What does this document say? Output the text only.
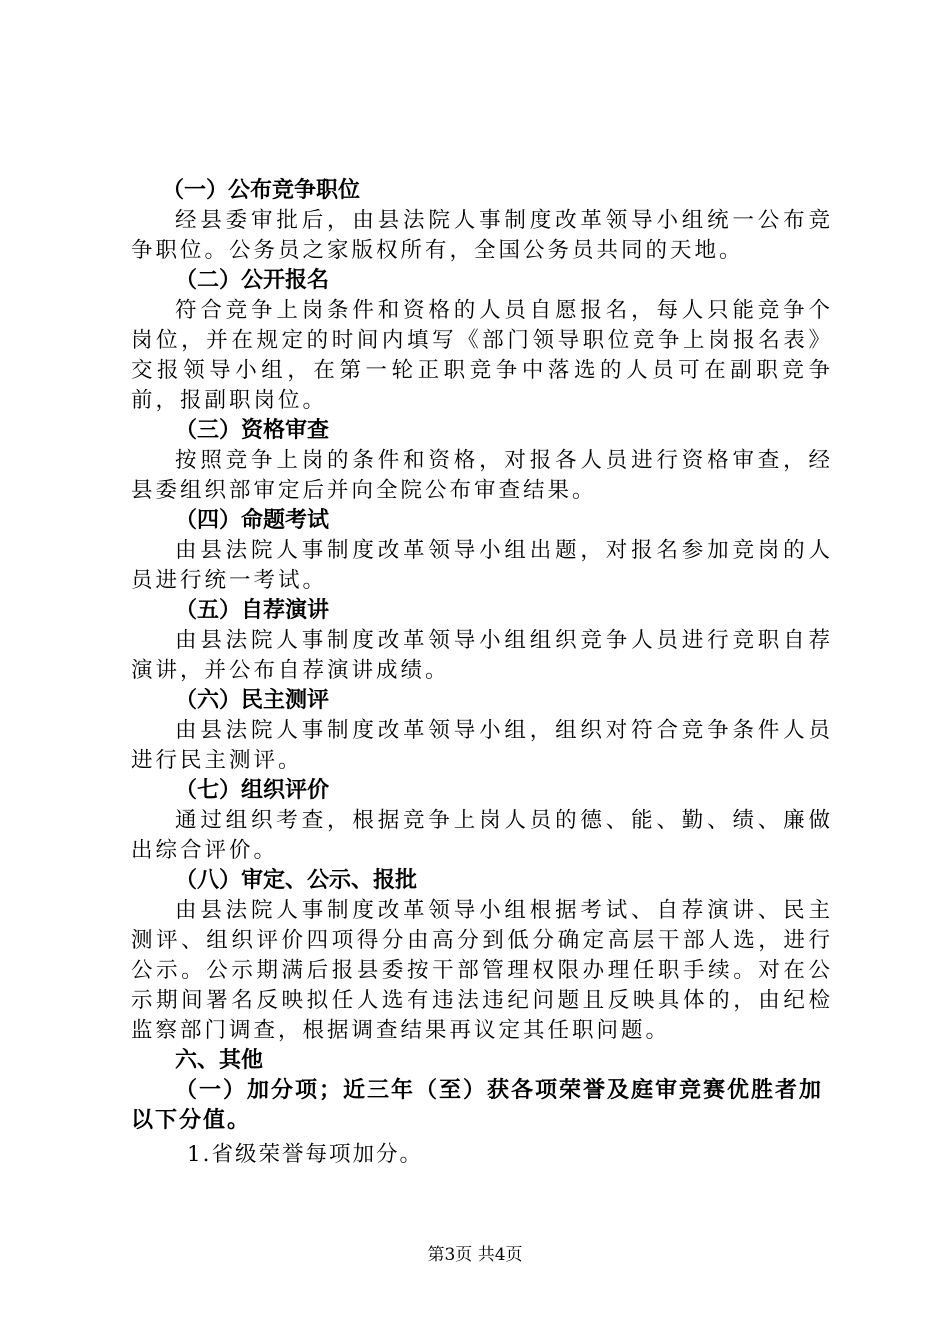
（一）公布竞争职位
经县委审批后，由县法院人事制度改革领导小组统一公布竞争职位。公务员之家版权所有，全国公务员共同的天地。
（二）公开报名
符合竞争上岗条件和资格的人员自愿报名，每人只能竞争个岗位，并在规定的时间内填写《部门领导职位竞争上岗报名表》交报领导小组，在第一轮正职竞争中落选的人员可在副职竞争前，报副职岗位。
（三）资格审查
按照竞争上岗的条件和资格，对报各人员进行资格审查，经县委组织部审定后并向全院公布审查结果。
（四）命题考试
由县法院人事制度改革领导小组出题，对报名参加竞岗的人员进行统一考试。
（五）自荐演讲
由县法院人事制度改革领导小组组织竞争人员进行竞职自荐演讲，并公布自荐演讲成绩。
（六）民主测评
由县法院人事制度改革领导小组，组织对符合竞争条件人员进行民主测评。
（七）组织评价
通过组织考查，根据竞争上岗人员的德、能、勤、绩、廉做出综合评价。
（八）审定、公示、报批
由县法院人事制度改革领导小组根据考试、自荐演讲、民主测评、组织评价四项得分由高分到低分确定高层干部人选，进行公示。公示期满后报县委按干部管理权限办理任职手续。对在公示期间署名反映拟任人选有违法违纪问题且反映具体的，由纪检监察部门调查，根据调查结果再议定其任职问题。
六、其他
（一）加分项；近三年（至）获各项荣誉及庭审竞赛优胜者加以下分值。
1.省级荣誉每项加分。
第3页 共4页
